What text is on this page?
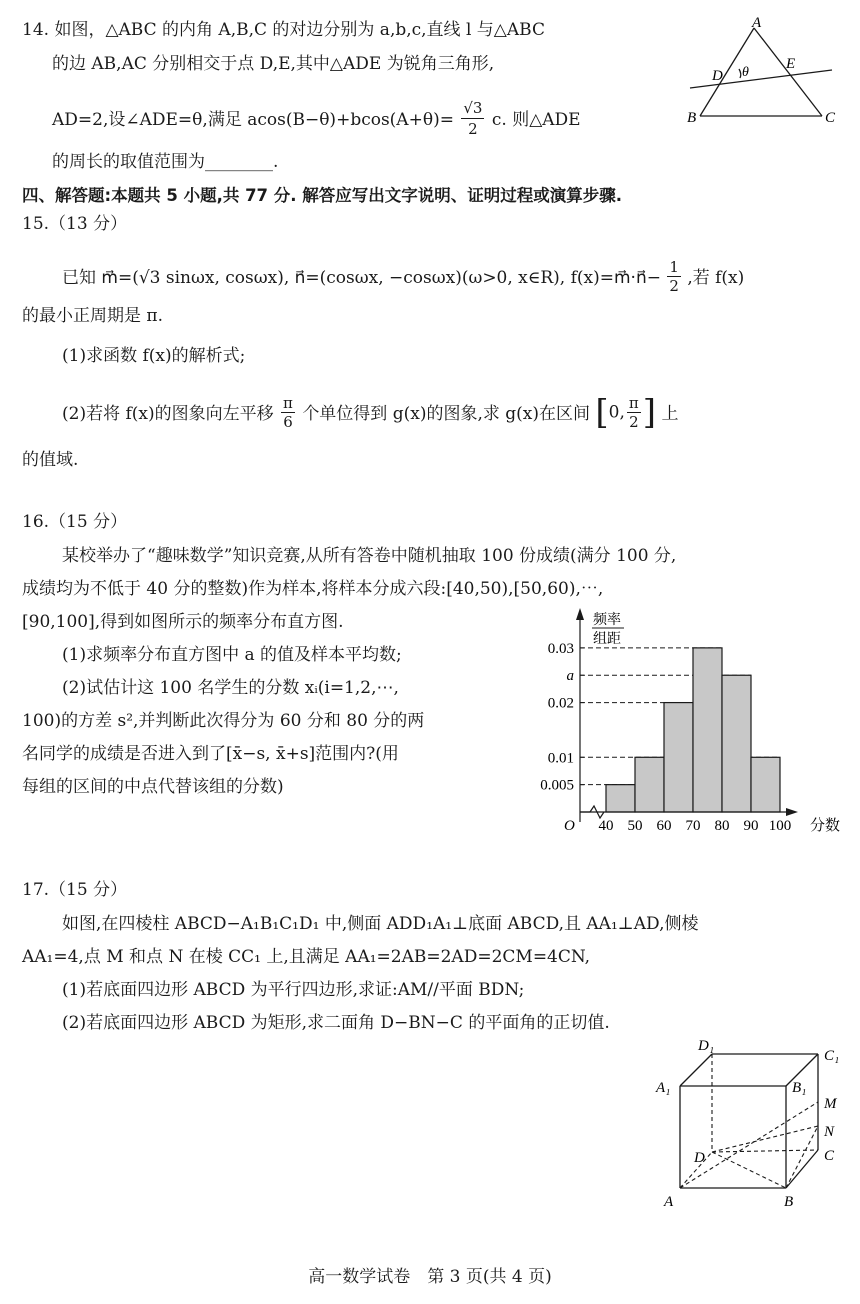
14. 如图，△ABC 的内角 A,B,C 的对边分别为 a,b,c,直线 l 与△ABC
的边 AB,AC 分别相交于点 D,E,其中△ADE 为锐角三角形,
AD=2,设∠ADE=θ,满足 $acos(B-\theta)+bcos(A+\theta)= \frac{√3}{2} c$. 则△ADE
的周长的取值范围为________.
A
B	C
D
E
θ
四、解答题:本题共 5 小题,共 77 分. 解答应写出文字说明、证明过程或演算步骤.
15.（13 分）
已知 m⃗=(√3 sinωx, cosωx), n⃗=(cosωx, −cosωx)(ω>0, x∈R), f(x)=m⃗·n⃗− $\frac{1}{2}$ ,若 f(x)
的最小正周期是 π.
(1)求函数 f(x)的解析式;
(2)若将 f(x)的图象向左平移 $\frac{\pi}{6}$ 个单位得到 g(x)的图象,求 g(x)在区间 [0, $\frac{\pi}{2}$ ] 上
的值域.
16.（15 分）
某校举办了“趣味数学”知识竞赛,从所有答卷中随机抽取 100 份成绩(满分 100 分,
成绩均为不低于 40 分的整数)作为样本,将样本分成六段:[40,50),[50,60),⋯,
[90,100],得到如图所示的频率分布直方图.
(1)求频率分布直方图中 a 的值及样本平均数;
(2)试估计这 100 名学生的分数 xᵢ(i=1,2,⋯,
100)的方差 s²,并判断此次得分为 60 分和 80 分的两
名同学的成绩是否进入到了[x̄−s, x̄+s]范围内?(用
每组的区间的中点代替该组的分数)
0.03
a
0.02
0.01
0.005
40 50 60 70 80 90 100
频率
组距
分数
O
17.（15 分）
如图,在四棱柱 ABCD−A₁B₁C₁D₁ 中,侧面 ADD₁A₁⊥底面 ABCD,且 AA₁⊥AD,侧棱
AA₁=4,点 M 和点 N 在棱 CC₁ 上,且满足 AA₁=2AB=2AD=2CM=4CN,
(1)若底面四边形 ABCD 为平行四边形,求证:AM//平面 BDN;
(2)若底面四边形 ABCD 为矩形,求二面角 D−BN−C 的平面角的正切值.
A	B
C
D
A₁	B₁
C₁
D₁
M
N
高一数学试卷　第 3 页(共 4 页)
